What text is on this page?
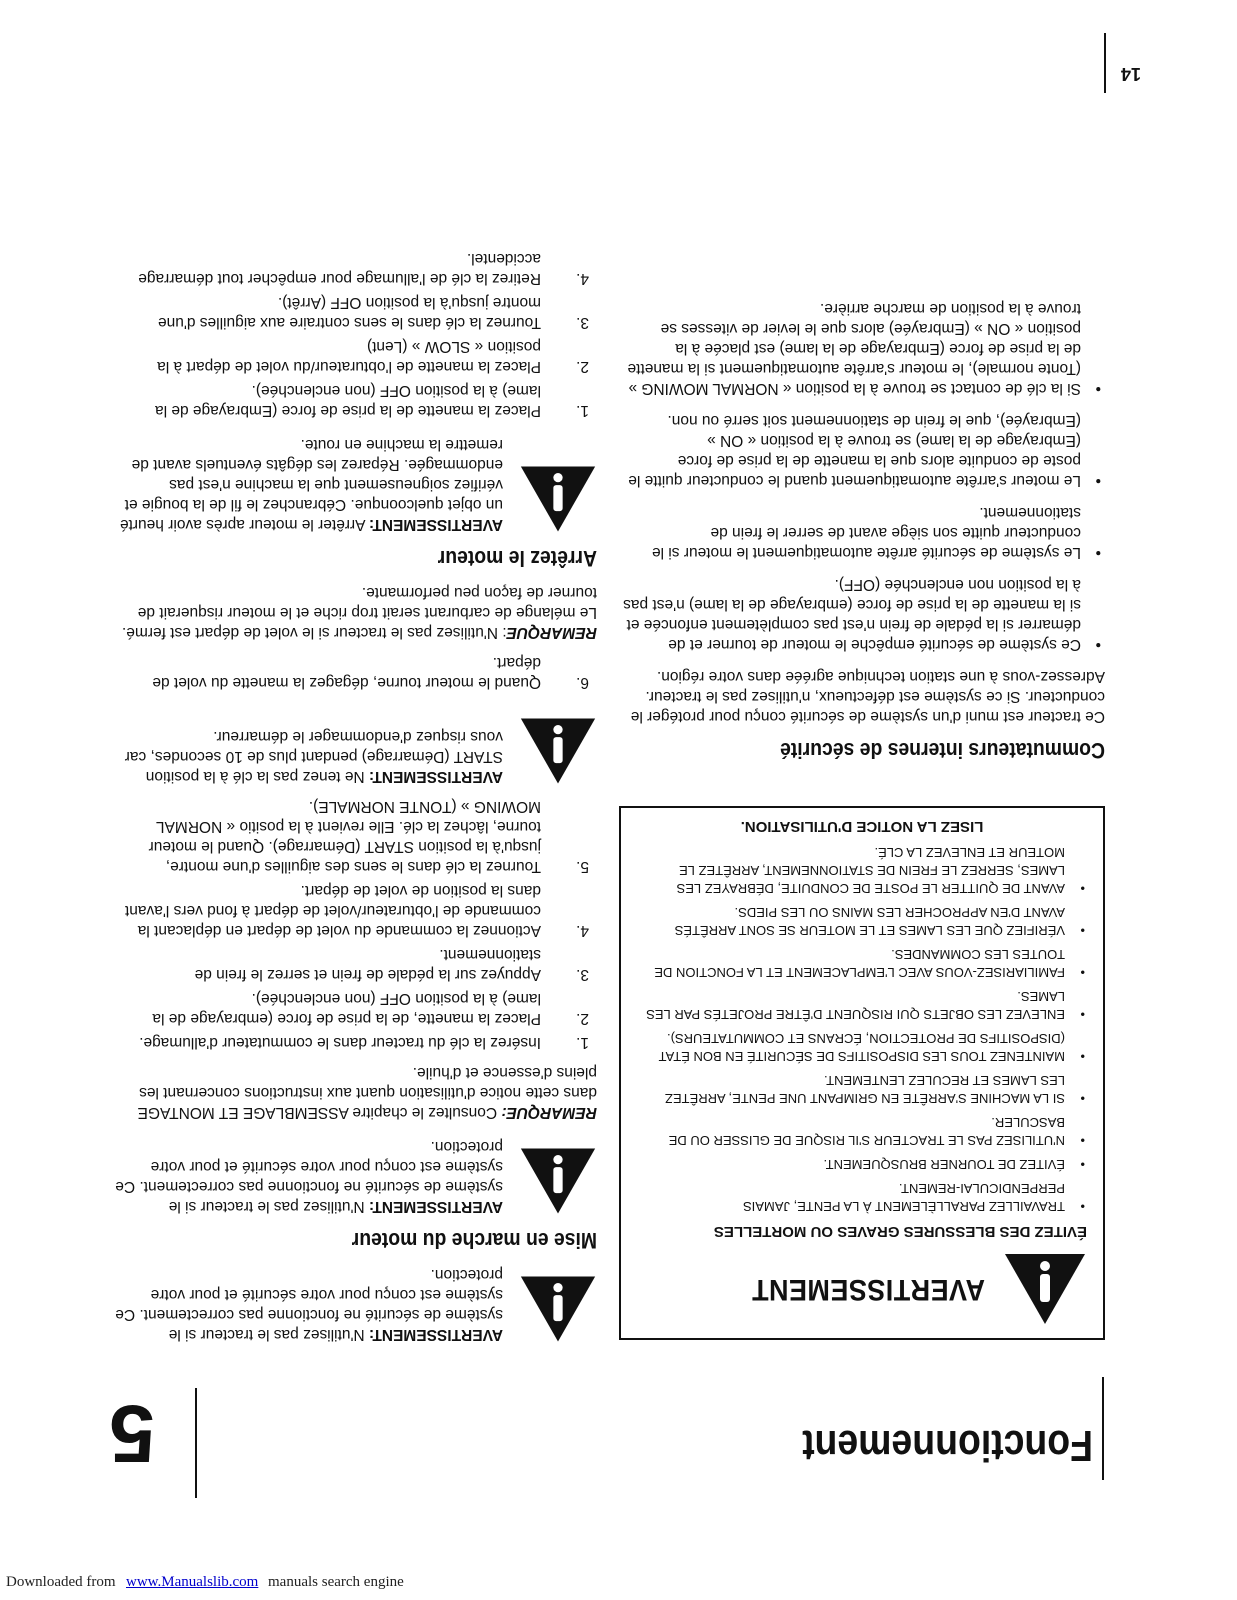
Fonctionnement
5
14
AVERTISSEMENT
ÉVITEZ DES BLESSURES GRAVES OU MORTELLES
• TRAVAILLEZ PARALLÈLEMENT À LA PENTE, JAMAIS PERPENDICULAI-REMENT.
• ÉVITEZ DE TOURNER BRUSQUEMENT.
• N'UTILISEZ PAS LE TRACTEUR S'IL RISQUE DE GLISSER OU DE BASCULER.
• SI LA MACHINE S'ARRÊTE EN GRIMPANT UNE PENTE, ARRÊTEZ LES LAMES ET RECULEZ LENTEMENT.
• MAINTENEZ TOUS LES DISPOSITIFS DE SÉCURITÉ EN BON ÉTAT (DISPOSITIFS DE PROTECTION, ÉCRANS ET COMMUTATEURS).
• ENLEVEZ LES OBJETS QUI RISQUENT D'ÊTRE PROJETÉS PAR LES LAMES.
• FAMILIARISEZ-VOUS AVEC L'EMPLACEMENT ET LA FONCTION DE TOUTES LES COMMANDES.
• VÉRIFIEZ QUE LES LAMES ET LE MOTEUR SE SONT ARRÊTÉS AVANT D'EN APPROCHER LES MAINS OU LES PIEDS.
• AVANT DE QUITTER LE POSTE DE CONDUITE, DÉBRAYEZ LES LAMES, SERREZ LE FREIN DE STATIONNEMENT, ARRÊTEZ LE MOTEUR ET ENLEVEZ LA CLÉ.
LISEZ LA NOTICE D'UTILISATION.
Commutateurs internes de sécurité

Ce tracteur est muni d'un système de sécurité conçu pour protéger le conducteur. Si ce système est défectueux, n'utilisez pas le tracteur. Adressez-vous à une station technique agréée dans votre région.

• Ce système de sécurité empêche le moteur de tourner et de démarrer si la pédale de frein n'est pas complètement enfoncée et si la manette de la prise de force (embrayage de la lame) n'est pas à la position non enclenchée (OFF).
• Le système de sécurité arrête automatiquement le moteur si le conducteur quitte son siège avant de serrer le frein de stationnement.
• Le moteur s'arrête automatiquement quand le conducteur quitte le poste de conduite alors que la manette de la prise de force (Embrayage de la lame) se trouve à la position « ON » (Embrayée), que le frein de stationnement soit serré ou non.
• Si la clé de contact se trouve à la position « NORMAL MOWING » (Tonte normale), le moteur s'arrête automatiquement si la manette de la prise de force (Embrayage de la lame) est placée à la position « ON » (Embrayée) alors que le levier de vitesses se trouve à la position de marche arrière.
AVERTISSEMENT: N'utilisez pas le tracteur si le système de sécurité ne fonctionne pas correctement. Ce système est conçu pour votre sécurité et pour votre protection.
Mise en marche du moteur
AVERTISSEMENT: N'utilisez pas le tracteur si le système de sécurité ne fonctionne pas correctement. Ce système est conçu pour votre sécurité et pour votre protection.

REMARQUE: Consultez le chapitre ASSEMBLAGE ET MONTAGE dans cette notice d'utilisation quant aux instructions concernant les pleins d'essence et d'huile.

1.
Insérez la clé du tracteur dans le commutateur d'allumage.
2.
Placez la manette, de la prise de force (embrayage de la lame) à la position OFF (non enclenchée).
3.
Appuyez sur la pédale de frein et serrez le frein de stationnement.
4.
Actionnez la commande du volet de départ en déplacant la commande de l'obturateur/volet de départ à fond vers l'avant dans la position de volet de départ.
5.
Tournez la clé dans le sens des aiguilles d'une montre, jusqu'à la position START (Démarrage). Quand le moteur tourne, lâchez la clé. Elle revient à la positio « NORMAL MOWING » (TONTE NORMALE).
AVERTISSEMENT: Ne tenez pas la clé à la position START (Démarrage) pendant plus de 10 secondes, car vous risquez d'endommager le démarreur.
6.
Quand le moteur tourne, dégagez la manette du volet de départ.

REMARQUE: N'utilisez pas le tracteur si le volet de départ est fermé. Le mélange de carburant serait trop riche et le moteur risquerait de tourner de façon peu performante.

Arrêtez le moteur
AVERTISSEMENT: Arrêter le moteur après avoir heurté un objet quelcoonque. Cébranchez le fil de la bougie et vérifiez soigneusement que la machine n'est pas endommagée. Réparez les dégâts éventuels avant de remettre la machine en route.
1.
Placez la manette de la prise de force (Embrayage de la lame) à la position OFF (non enclenchée).
2.
Placez la manette de l'obturateur/du volet de départ à la position « SLOW » (Lent)
3.
Tournez la clé dans le sens contraire aux aiguilles d'une montre jusqu'à la position OFF (Arrêt).
4.
Retirez la clé de l'allumage pour empêcher tout démarrage accidentel.
Downloaded from www.Manualslib.com manuals search engine
